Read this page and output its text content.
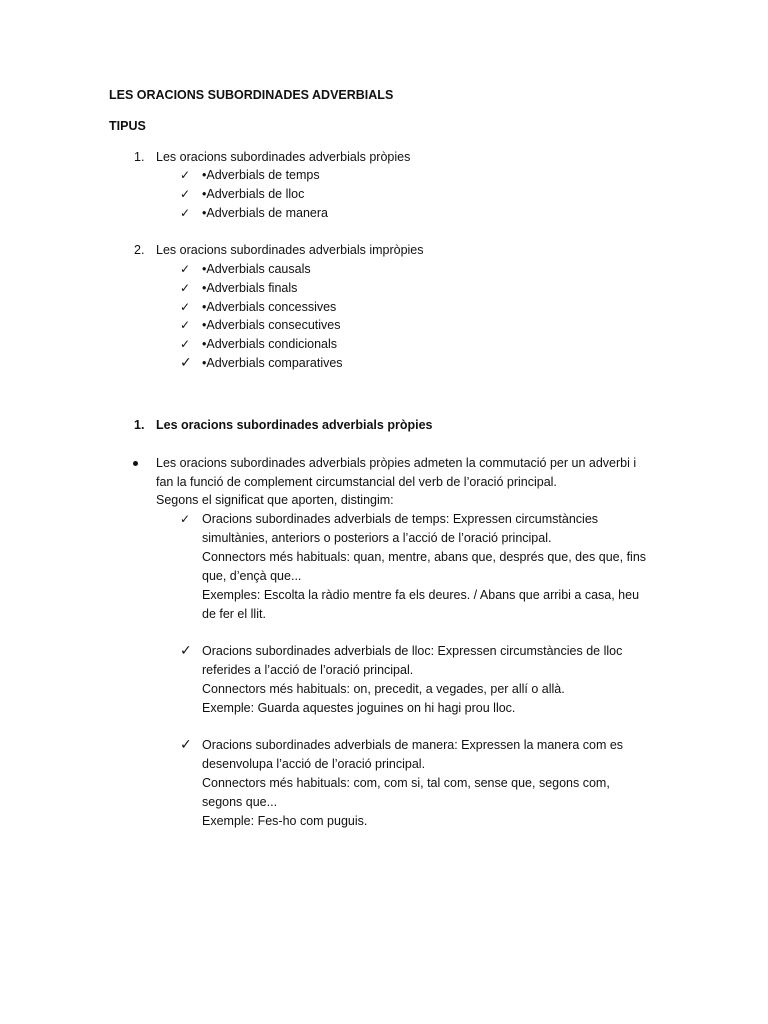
LES ORACIONS SUBORDINADES ADVERBIALS
TIPUS
1. Les oracions subordinades adverbials pròpies
✓ •Adverbials de temps
✓ •Adverbials de lloc
✓ •Adverbials de manera
2. Les oracions subordinades adverbials impròpies
✓ •Adverbials causals
✓ •Adverbials finals
✓ •Adverbials concessives
✓ •Adverbials consecutives
✓ •Adverbials condicionals
✓ •Adverbials comparatives
1. Les oracions subordinades adverbials pròpies
Les oracions subordinades adverbials pròpies admeten la commutació per un adverbi i
fan la funció de complement circumstancial del verb de l’oració principal.
Segons el significat que aporten, distingim:
✓ Oracions subordinades adverbials de temps: Expressen circumstàncies
simultànies, anteriors o posteriors a l’acció de l’oració principal.
Connectors més habituals: quan, mentre, abans que, després que, des que, fins
que, d’ençà que...
Exemples: Escolta la ràdio mentre fa els deures. / Abans que arribi a casa, heu
de fer el llit.
✓ Oracions subordinades adverbials de lloc: Expressen circumstàncies de lloc
referides a l’acció de l’oració principal.
Connectors més habituals: on, precedit, a vegades, per allí o allà.
Exemple: Guarda aquestes joguines on hi hagi prou lloc.
✓ Oracions subordinades adverbials de manera: Expressen la manera com es
desenvolupa l’acció de l’oració principal.
Connectors més habituals: com, com si, tal com, sense que, segons com,
segons que...
Exemple: Fes-ho com puguis.
